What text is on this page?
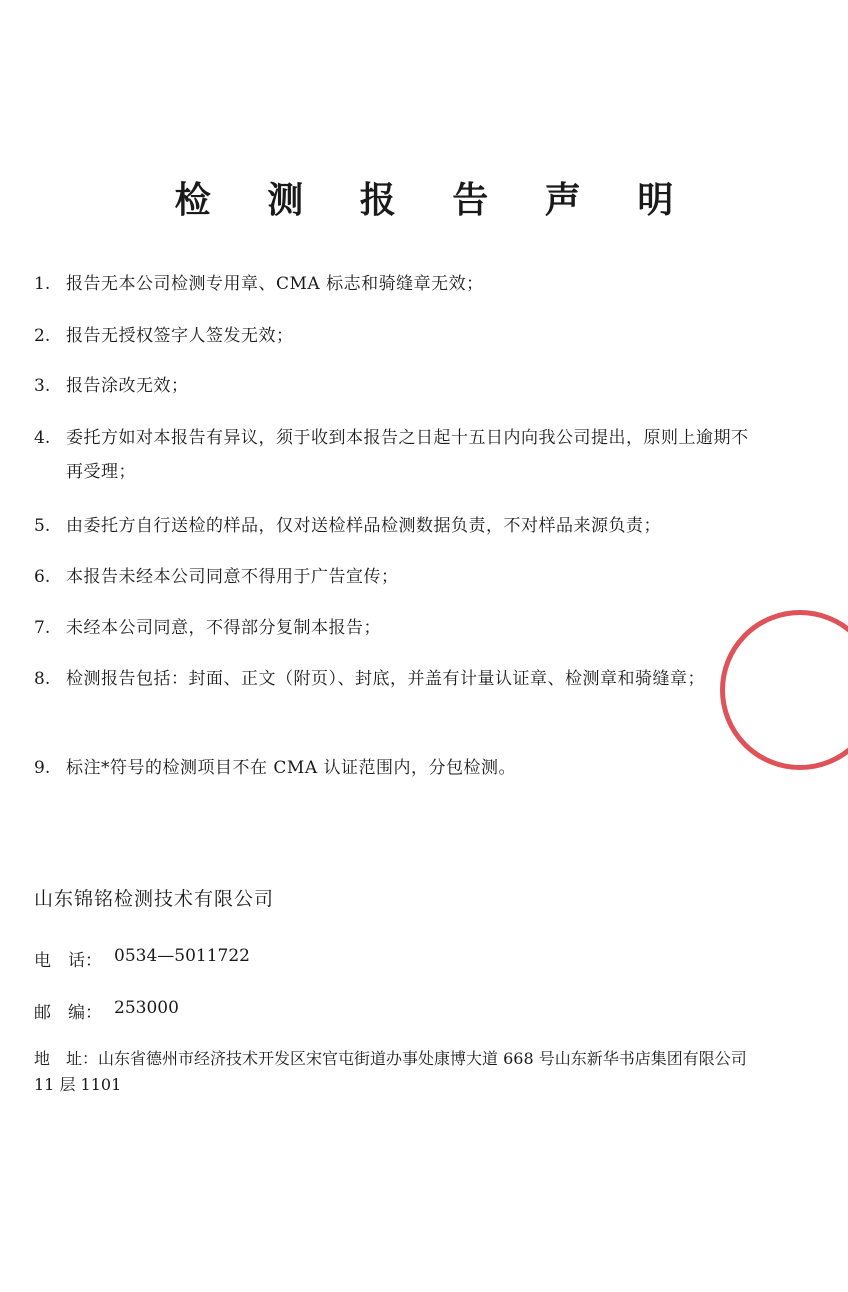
检 测 报 告 声 明
1. 报告无本公司检测专用章、CMA 标志和骑缝章无效；
2. 报告无授权签字人签发无效；
3. 报告涂改无效；
4. 委托方如对本报告有异议，须于收到本报告之日起十五日内向我公司提出，原则上逾期不再受理；
5. 由委托方自行送检的样品，仅对送检样品检测数据负责，不对样品来源负责；
6. 本报告未经本公司同意不得用于广告宣传；
7. 未经本公司同意，不得部分复制本报告；
8. 检测报告包括：封面、正文（附页）、封底，并盖有计量认证章、检测章和骑缝章；
9. 标注*符号的检测项目不在 CMA 认证范围内，分包检测。
山东锦铭检测技术有限公司
电　话： 0534—5011722
邮　编： 253000
地　址：山东省德州市经济技术开发区宋官屯街道办事处康博大道 668 号山东新华书店集团有限公司 11 层 1101
